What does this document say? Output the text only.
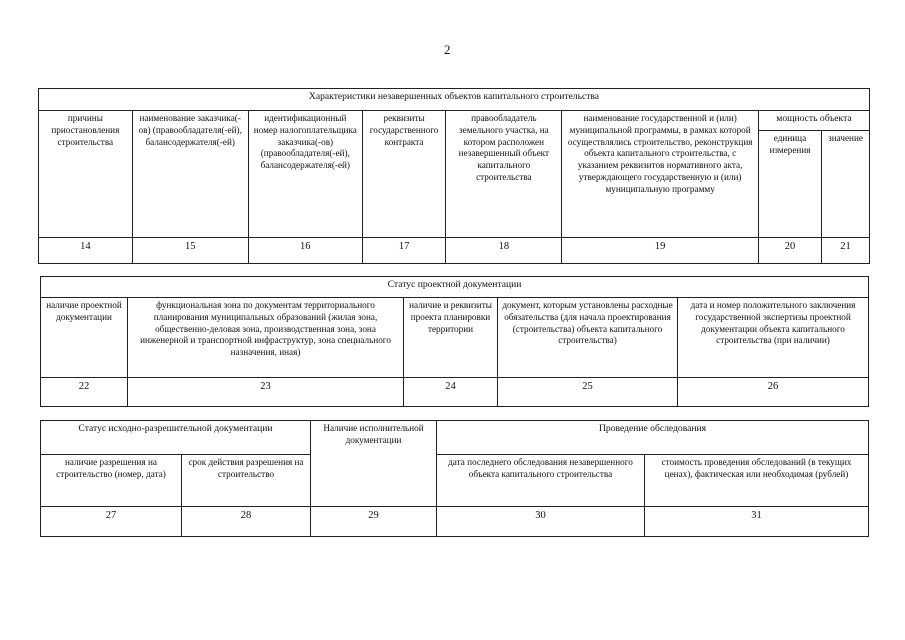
2
Характеристики незавершенных объектов капитального строительства							
причины приостановления строительства	наименование заказчика(-ов) (правообладателя(-ей), балансодержателя(-ей)	идентификационный номер налогоплательщика заказчика(-ов) (правообладателя(-ей), балансодержателя(-ей)	реквизиты государственного контракта	правообладатель земельного участка, на котором расположен незавершенный объект капитального строительства	наименование государственной и (или) муниципальной программы, в рамках которой осуществлялись строительство, реконструкция объекта капитального строительства, с указанием реквизитов нормативного акта, утверждающего государственную и (или) муниципальную программу	мощность объекта	
						единица измерения	значение
14	15	16	17	18	19	20	21
Статус проектной документации				
наличие проектной документации	функциональная зона по документам территориального планирования муниципальных образований (жилая зона, общественно-деловая зона, производственная зона, зона инженерной и транспортной инфраструктур, зона специального назначения, иная)	наличие и реквизиты проекта планировки территории	документ, которым установлены расходные обязательства (для начала проектирования (строительства) объекта капитального строительства)	дата и номер положительного заключения государственной экспертизы проектной документации объекта капитального строительства (при наличии)
22	23	24	25	26
Статус исходно-разрешительной документации		Наличие исполнительной документации	Проведение обследования	
наличие разрешения на строительство (номер, дата)	срок действия разрешения на строительство		дата последнего обследования незавершенного объекта капитального строительства	стоимость проведения обследований (в текущих ценах), фактическая или необходимая (рублей)
27	28	29	30	31
